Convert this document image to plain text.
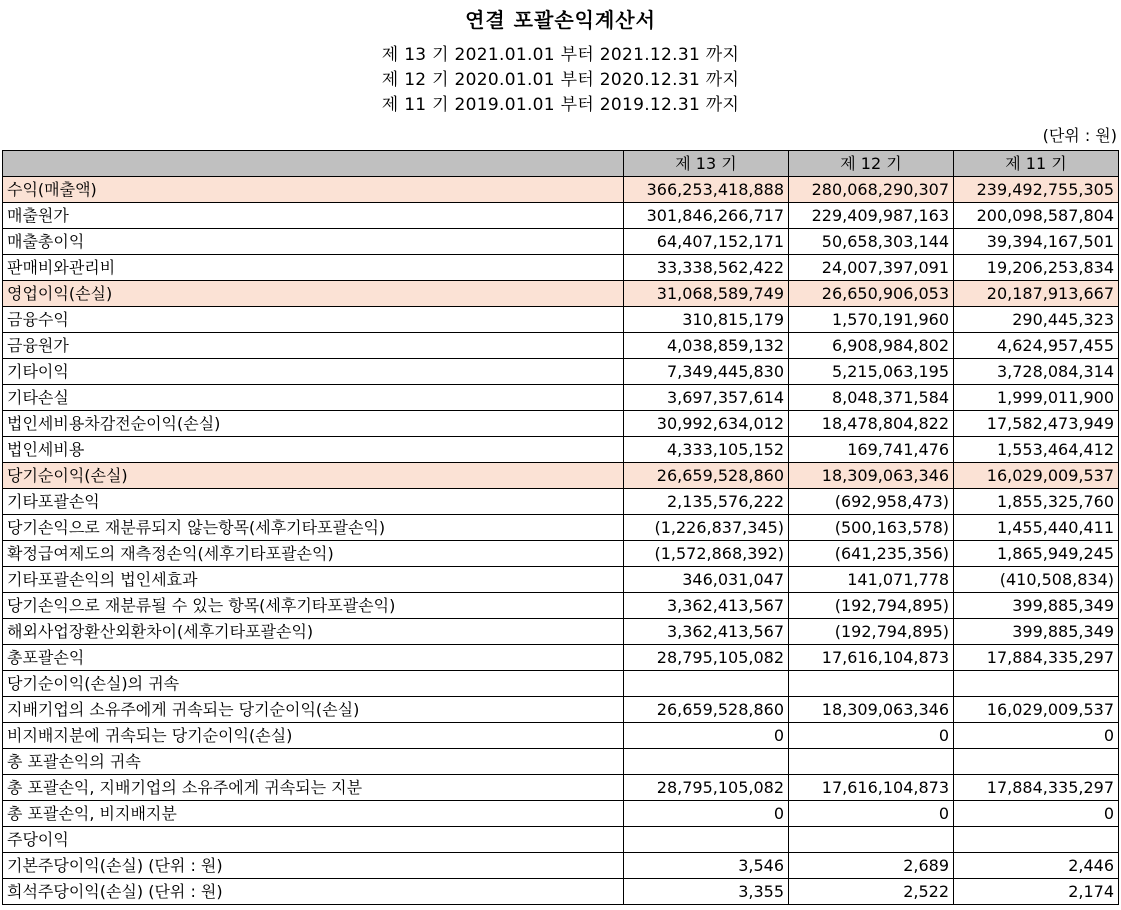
연결 포괄손익계산서
제 13 기 2021.01.01 부터 2021.12.31 까지
제 12 기 2020.01.01 부터 2020.12.31 까지
제 11 기 2019.01.01 부터 2019.12.31 까지
(단위 : 원)
	제 13 기	제 12 기	제 11 기
수익(매출액)	366,253,418,888	280,068,290,307	239,492,755,305
매출원가	301,846,266,717	229,409,987,163	200,098,587,804
매출총이익	64,407,152,171	50,658,303,144	39,394,167,501
판매비와관리비	33,338,562,422	24,007,397,091	19,206,253,834
영업이익(손실)	31,068,589,749	26,650,906,053	20,187,913,667
금융수익	310,815,179	1,570,191,960	290,445,323
금융원가	4,038,859,132	6,908,984,802	4,624,957,455
기타이익	7,349,445,830	5,215,063,195	3,728,084,314
기타손실	3,697,357,614	8,048,371,584	1,999,011,900
법인세비용차감전순이익(손실)	30,992,634,012	18,478,804,822	17,582,473,949
법인세비용	4,333,105,152	169,741,476	1,553,464,412
당기순이익(손실)	26,659,528,860	18,309,063,346	16,029,009,537
기타포괄손익	2,135,576,222	(692,958,473)	1,855,325,760
당기손익으로 재분류되지 않는항목(세후기타포괄손익)	(1,226,837,345)	(500,163,578)	1,455,440,411
확정급여제도의 재측정손익(세후기타포괄손익)	(1,572,868,392)	(641,235,356)	1,865,949,245
기타포괄손익의 법인세효과	346,031,047	141,071,778	(410,508,834)
당기손익으로 재분류될 수 있는 항목(세후기타포괄손익)	3,362,413,567	(192,794,895)	399,885,349
해외사업장환산외환차이(세후기타포괄손익)	3,362,413,567	(192,794,895)	399,885,349
총포괄손익	28,795,105,082	17,616,104,873	17,884,335,297
당기순이익(손실)의 귀속			
지배기업의 소유주에게 귀속되는 당기순이익(손실)	26,659,528,860	18,309,063,346	16,029,009,537
비지배지분에 귀속되는 당기순이익(손실)	0	0	0
총 포괄손익의 귀속			
총 포괄손익, 지배기업의 소유주에게 귀속되는 지분	28,795,105,082	17,616,104,873	17,884,335,297
총 포괄손익, 비지배지분	0	0	0
주당이익			
기본주당이익(손실) (단위 : 원)	3,546	2,689	2,446
희석주당이익(손실) (단위 : 원)	3,355	2,522	2,174
